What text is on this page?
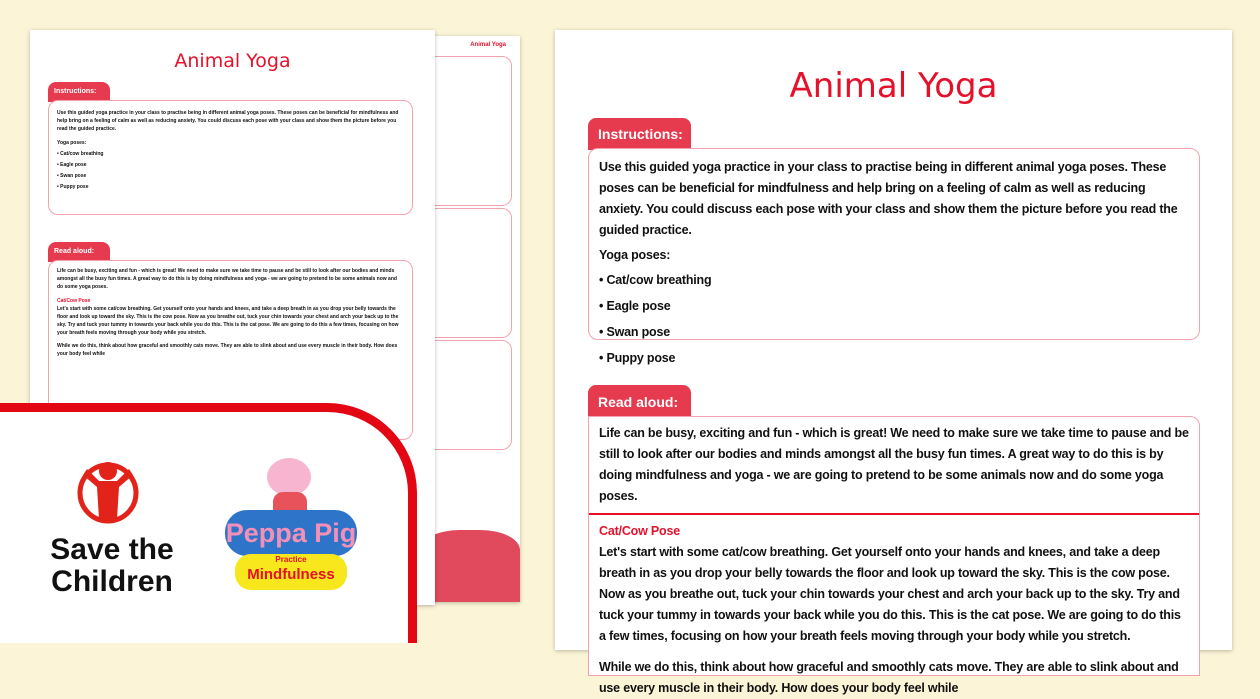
Animal Yoga
Animal Yoga
Instructions:

Use this guided yoga practice in your class to practise being in different animal yoga poses. These poses can be beneficial for mindfulness and help bring on a feeling of calm as well as reducing anxiety. You could discuss each pose with your class and show them the picture before you read the guided practice.

Yoga poses:

• Cat/cow breathing
• Eagle pose
• Swan pose
• Puppy pose
Read aloud:

Life can be busy, exciting and fun - which is great! We need to make sure we take time to pause and be still to look after our bodies and minds amongst all the busy fun times. A great way to do this is by doing mindfulness and yoga - we are going to pretend to be some animals now and do some yoga poses.

Cat/Cow Pose

Let's start with some cat/cow breathing. Get yourself onto your hands and knees, and take a deep breath in as you drop your belly towards the floor and look up toward the sky. This is the cow pose. Now as you breathe out, tuck your chin towards your chest and arch your back up to the sky. Try and tuck your tummy in towards your back while you do this. This is the cat pose. We are going to do this a few times, focusing on how your breath feels moving through your body while you stretch.

While we do this, think about how graceful and smoothly cats move. They are able to slink about and use every muscle in their body. How does your body feel while

Animal Yoga
Instructions:

Use this guided yoga practice in your class to practise being in different animal yoga poses. These poses can be beneficial for mindfulness and help bring on a feeling of calm as well as reducing anxiety. You could discuss each pose with your class and show them the picture before you read the guided practice.

Yoga poses:

• Cat/cow breathing
• Eagle pose
• Swan pose
• Puppy pose
Read aloud:

Life can be busy, exciting and fun - which is great! We need to make sure we take time to pause and be still to look after our bodies and minds amongst all the busy fun times. A great way to do this is by doing mindfulness and yoga - we are going to pretend to be some animals now and do some yoga poses.

Cat/Cow Pose

Let's start with some cat/cow breathing. Get yourself onto your hands and knees, and take a deep breath in as you drop your belly towards the floor and look up toward the sky. This is the cow pose. Now as you breathe out, tuck your chin towards your chest and arch your back up to the sky. Try and tuck your tummy in towards your back while you do this. This is the cat pose. We are going to do this a few times, focusing on how your breath feels moving through your body while you stretch.

While we do this, think about how graceful and smoothly cats move. They are able to slink about and use every muscle in their body. How does your body feel while

Save the Children
Peppa Pig
Practice
Mindfulness
